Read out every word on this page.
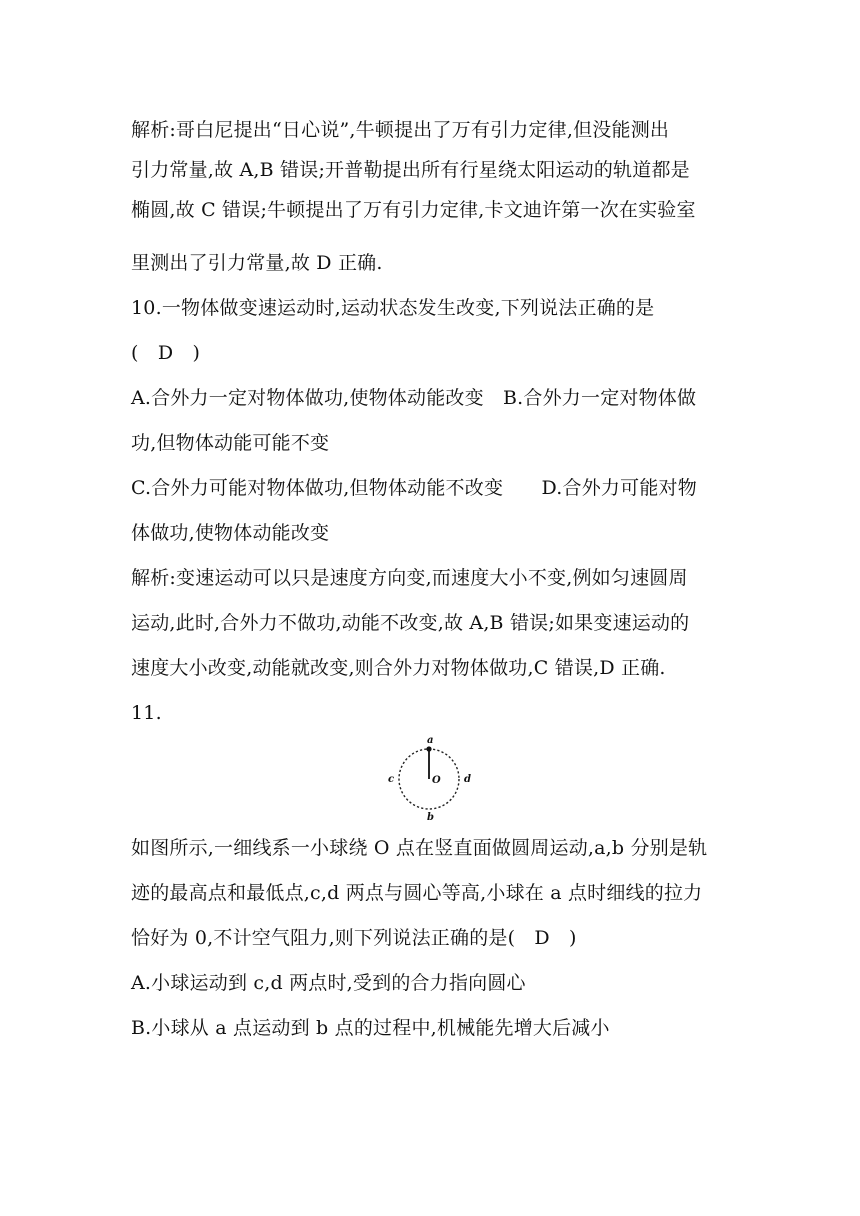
解析:哥白尼提出“日心说”,牛顿提出了万有引力定律,但没能测出
引力常量,故 A,B 错误;开普勒提出所有行星绕太阳运动的轨道都是
椭圆,故 C 错误;牛顿提出了万有引力定律,卡文迪许第一次在实验室
里测出了引力常量,故 D 正确.
10.一物体做变速运动时,运动状态发生改变,下列说法正确的是
(　D　)
A.合外力一定对物体做功,使物体动能改变　B.合外力一定对物体做
功,但物体动能可能不变
C.合外力可能对物体做功,但物体动能不改变　　D.合外力可能对物
体做功,使物体动能改变
解析:变速运动可以只是速度方向变,而速度大小不变,例如匀速圆周
运动,此时,合外力不做功,动能不改变,故 A,B 错误;如果变速运动的
速度大小改变,动能就改变,则合外力对物体做功,C 错误,D 正确.
11.
a
b
c	d
O
如图所示,一细线系一小球绕 O 点在竖直面做圆周运动,a,b 分别是轨
迹的最高点和最低点,c,d 两点与圆心等高,小球在 a 点时细线的拉力
恰好为 0,不计空气阻力,则下列说法正确的是(　D　)
A.小球运动到 c,d 两点时,受到的合力指向圆心
B.小球从 a 点运动到 b 点的过程中,机械能先增大后减小
